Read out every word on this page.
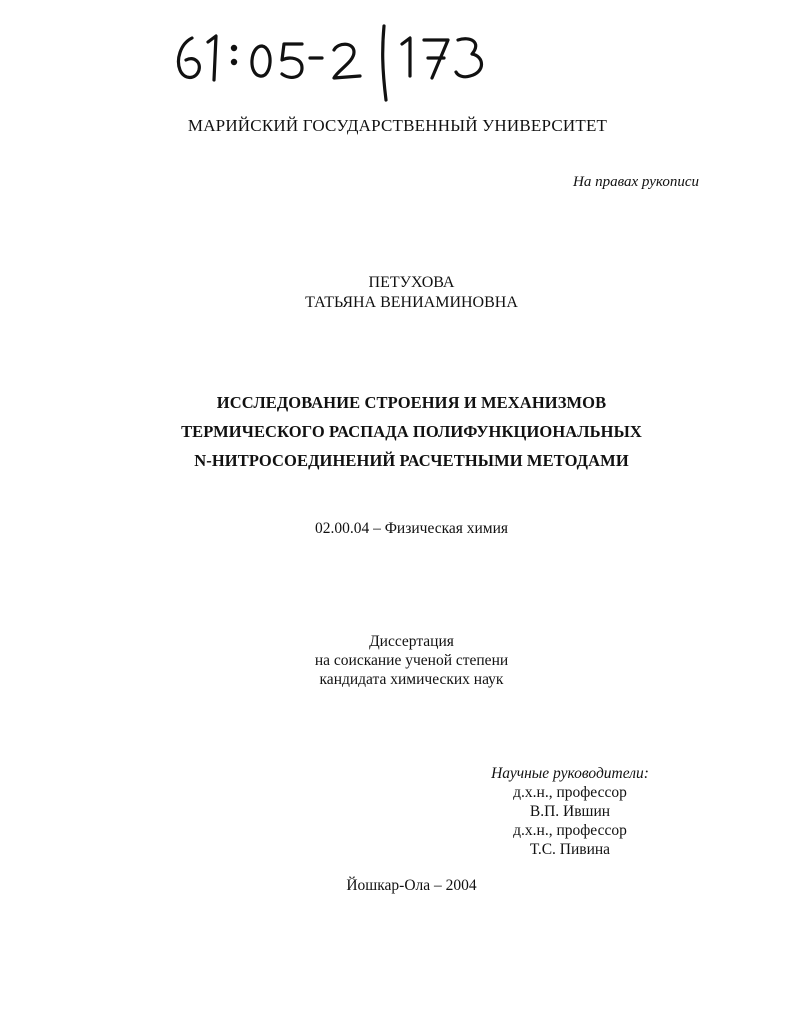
МАРИЙСКИЙ ГОСУДАРСТВЕННЫЙ УНИВЕРСИТЕТ
На правах рукописи
ПЕТУХОВА
ТАТЬЯНА ВЕНИАМИНОВНА
ИССЛЕДОВАНИЕ СТРОЕНИЯ И МЕХАНИЗМОВ
ТЕРМИЧЕСКОГО РАСПАДА ПОЛИФУНКЦИОНАЛЬНЫХ
N-НИТРОСОЕДИНЕНИЙ РАСЧЕТНЫМИ МЕТОДАМИ
02.00.04 – Физическая химия
Диссертация
на соискание ученой степени
кандидата химических наук
Научные руководители:
д.х.н., профессор
В.П. Ившин
д.х.н., профессор
Т.С. Пивина
Йошкар-Ола – 2004
